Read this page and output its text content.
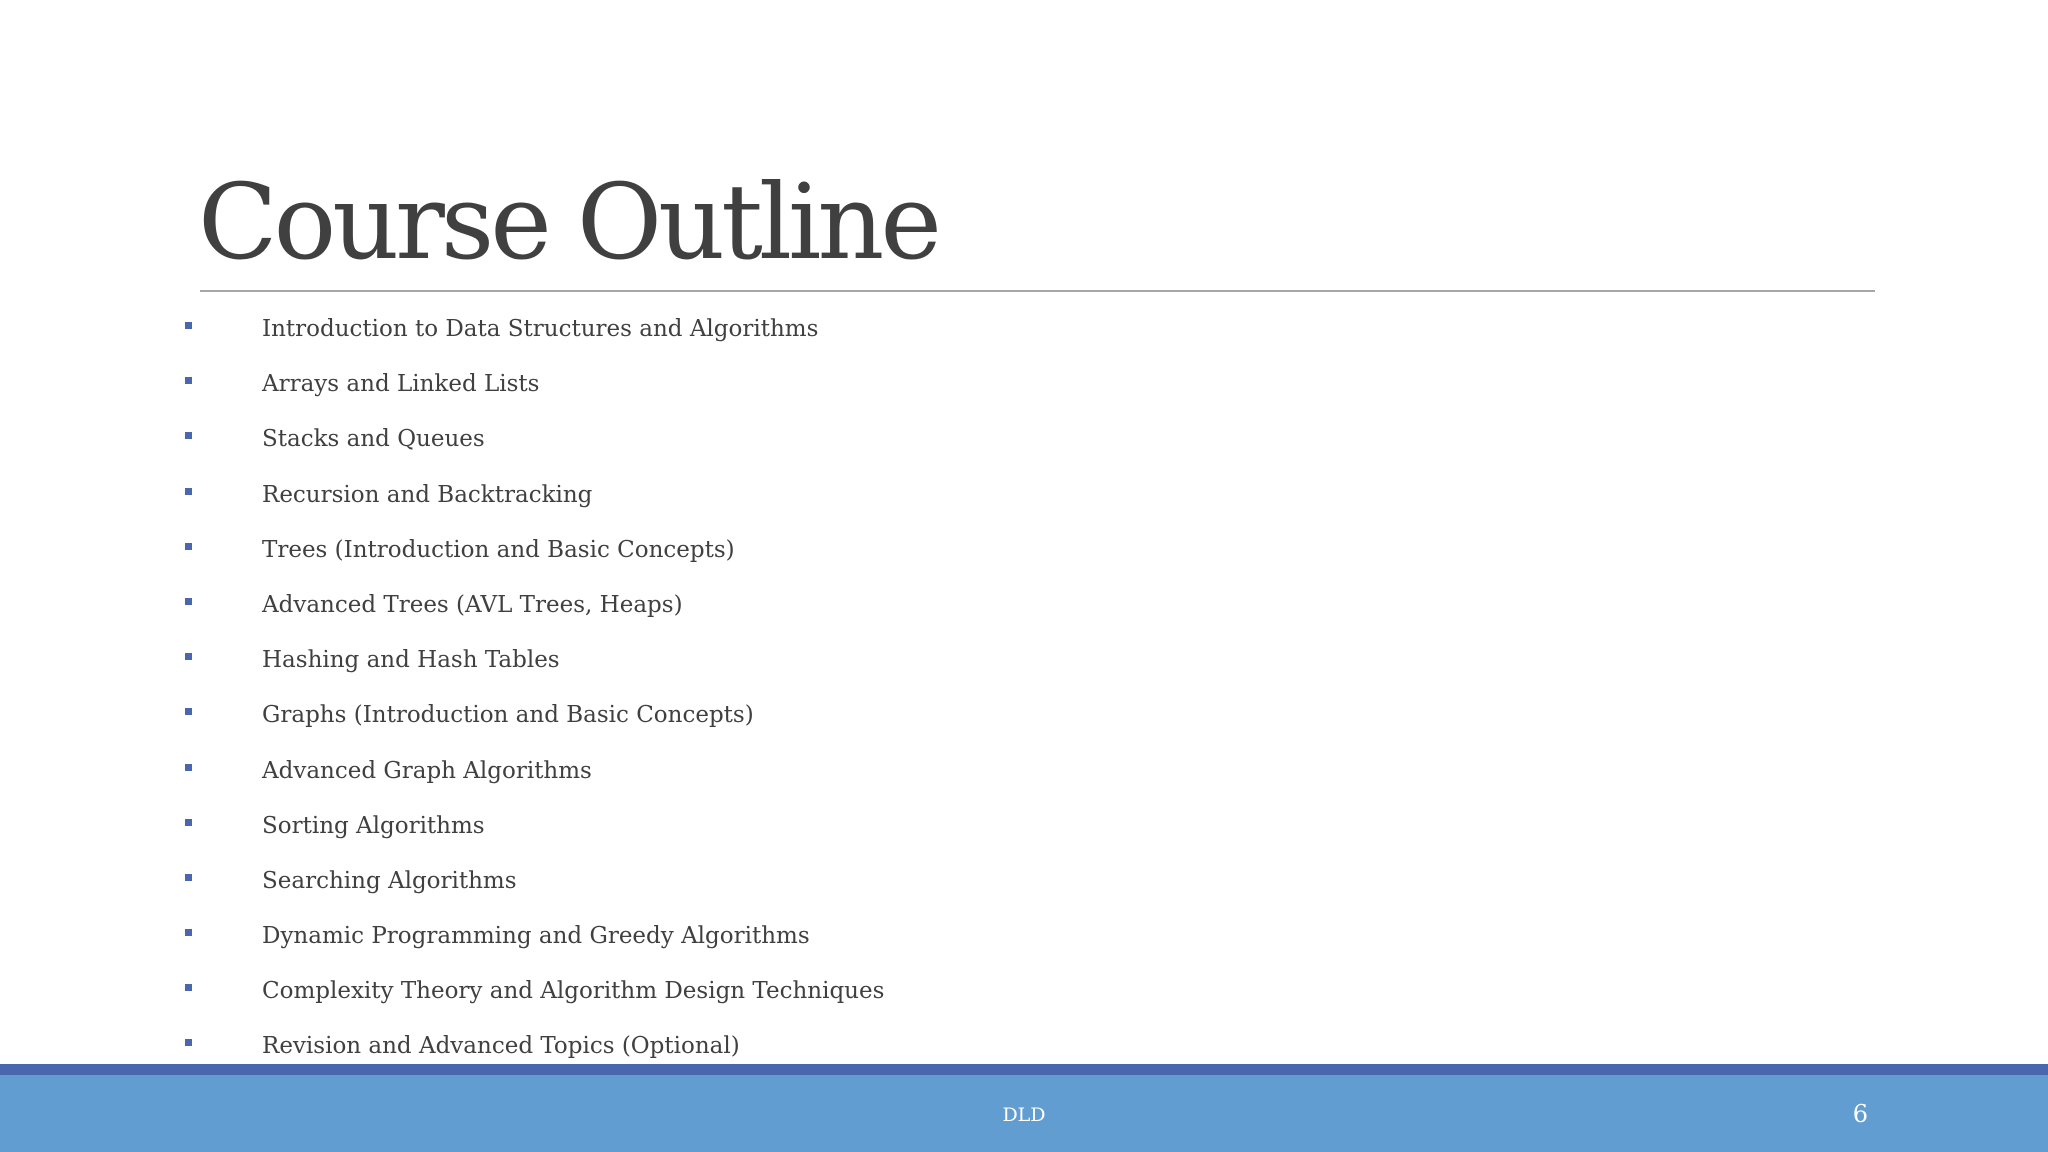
Course Outline
Introduction to Data Structures and Algorithms
Arrays and Linked Lists
Stacks and Queues
Recursion and Backtracking
Trees (Introduction and Basic Concepts)
Advanced Trees (AVL Trees, Heaps)
Hashing and Hash Tables
Graphs (Introduction and Basic Concepts)
Advanced Graph Algorithms
Sorting Algorithms
Searching Algorithms
Dynamic Programming and Greedy Algorithms
Complexity Theory and Algorithm Design Techniques
Revision and Advanced Topics (Optional)
DLD	6
